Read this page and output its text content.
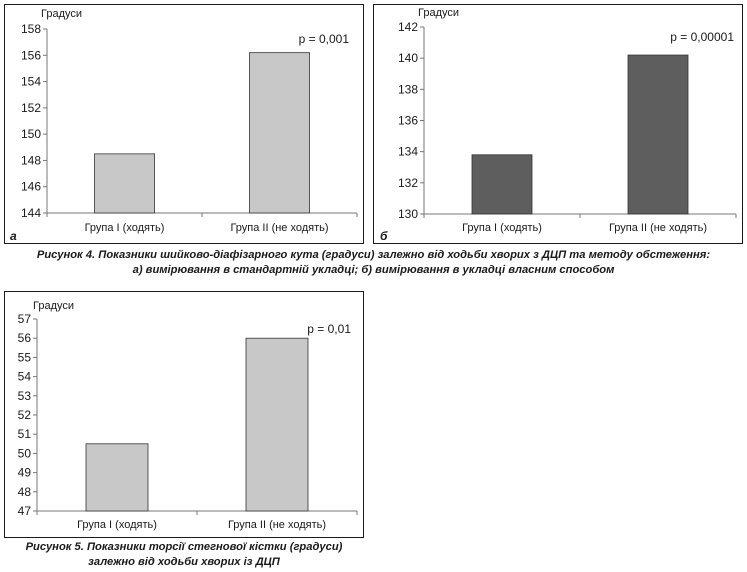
Градуси
144
146
148
150
152
154
156
158
Група I (ходять)	Група II (не ходять)
p = 0,001
а
Градуси
130
132
134
136
138
140
142
Група I (ходять)	Група II (не ходять)
p = 0,00001
б
Рисунок 4. Показники шийково-діафізарного кута (градуси) залежно від ходьби хворих з ДЦП та методу обстеження:
а) вимірювання в стандартній укладці; б) вимірювання в укладці власним способом
Градуси
47
48
49
50
51
52
53
54
55
56
57
Група I (ходять)	Група II (не ходять)
p = 0,01
Рисунок 5. Показники торсії стегнової кістки (градуси)
залежно від ходьби хворих із ДЦП
